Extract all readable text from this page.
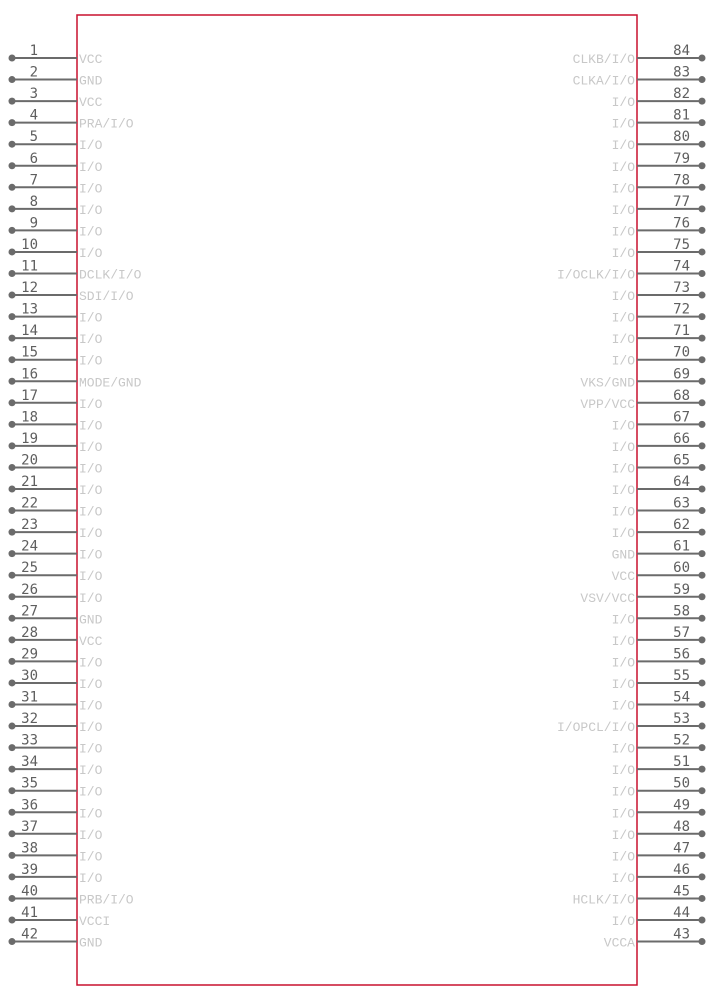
1
VCC
2
GND
3
VCC
4
PRA/I/O
5
I/O
6
I/O
7
I/O
8
I/O
9
I/O
10
I/O
11
DCLK/I/O
12
SDI/I/O
13
I/O
14
I/O
15
I/O
16
MODE/GND
17
I/O
18
I/O
19
I/O
20
I/O
21
I/O
22
I/O
23
I/O
24
I/O
25
I/O
26
I/O
27
GND
28
VCC
29
I/O
30
I/O
31
I/O
32
I/O
33
I/O
34
I/O
35
I/O
36
I/O
37
I/O
38
I/O
39
I/O
40
PRB/I/O
41
VCCI
42
GND
84
CLKB/I/O
83
CLKA/I/O
82
I/O
81
I/O
80
I/O
79
I/O
78
I/O
77
I/O
76
I/O
75
I/O
74
I/OCLK/I/O
73
I/O
72
I/O
71
I/O
70
I/O
69
VKS/GND
68
VPP/VCC
67
I/O
66
I/O
65
I/O
64
I/O
63
I/O
62
I/O
61
GND
60
VCC
59
VSV/VCC
58
I/O
57
I/O
56
I/O
55
I/O
54
I/O
53
I/OPCL/I/O
52
I/O
51
I/O
50
I/O
49
I/O
48
I/O
47
I/O
46
I/O
45
HCLK/I/O
44
I/O
43
VCCA
